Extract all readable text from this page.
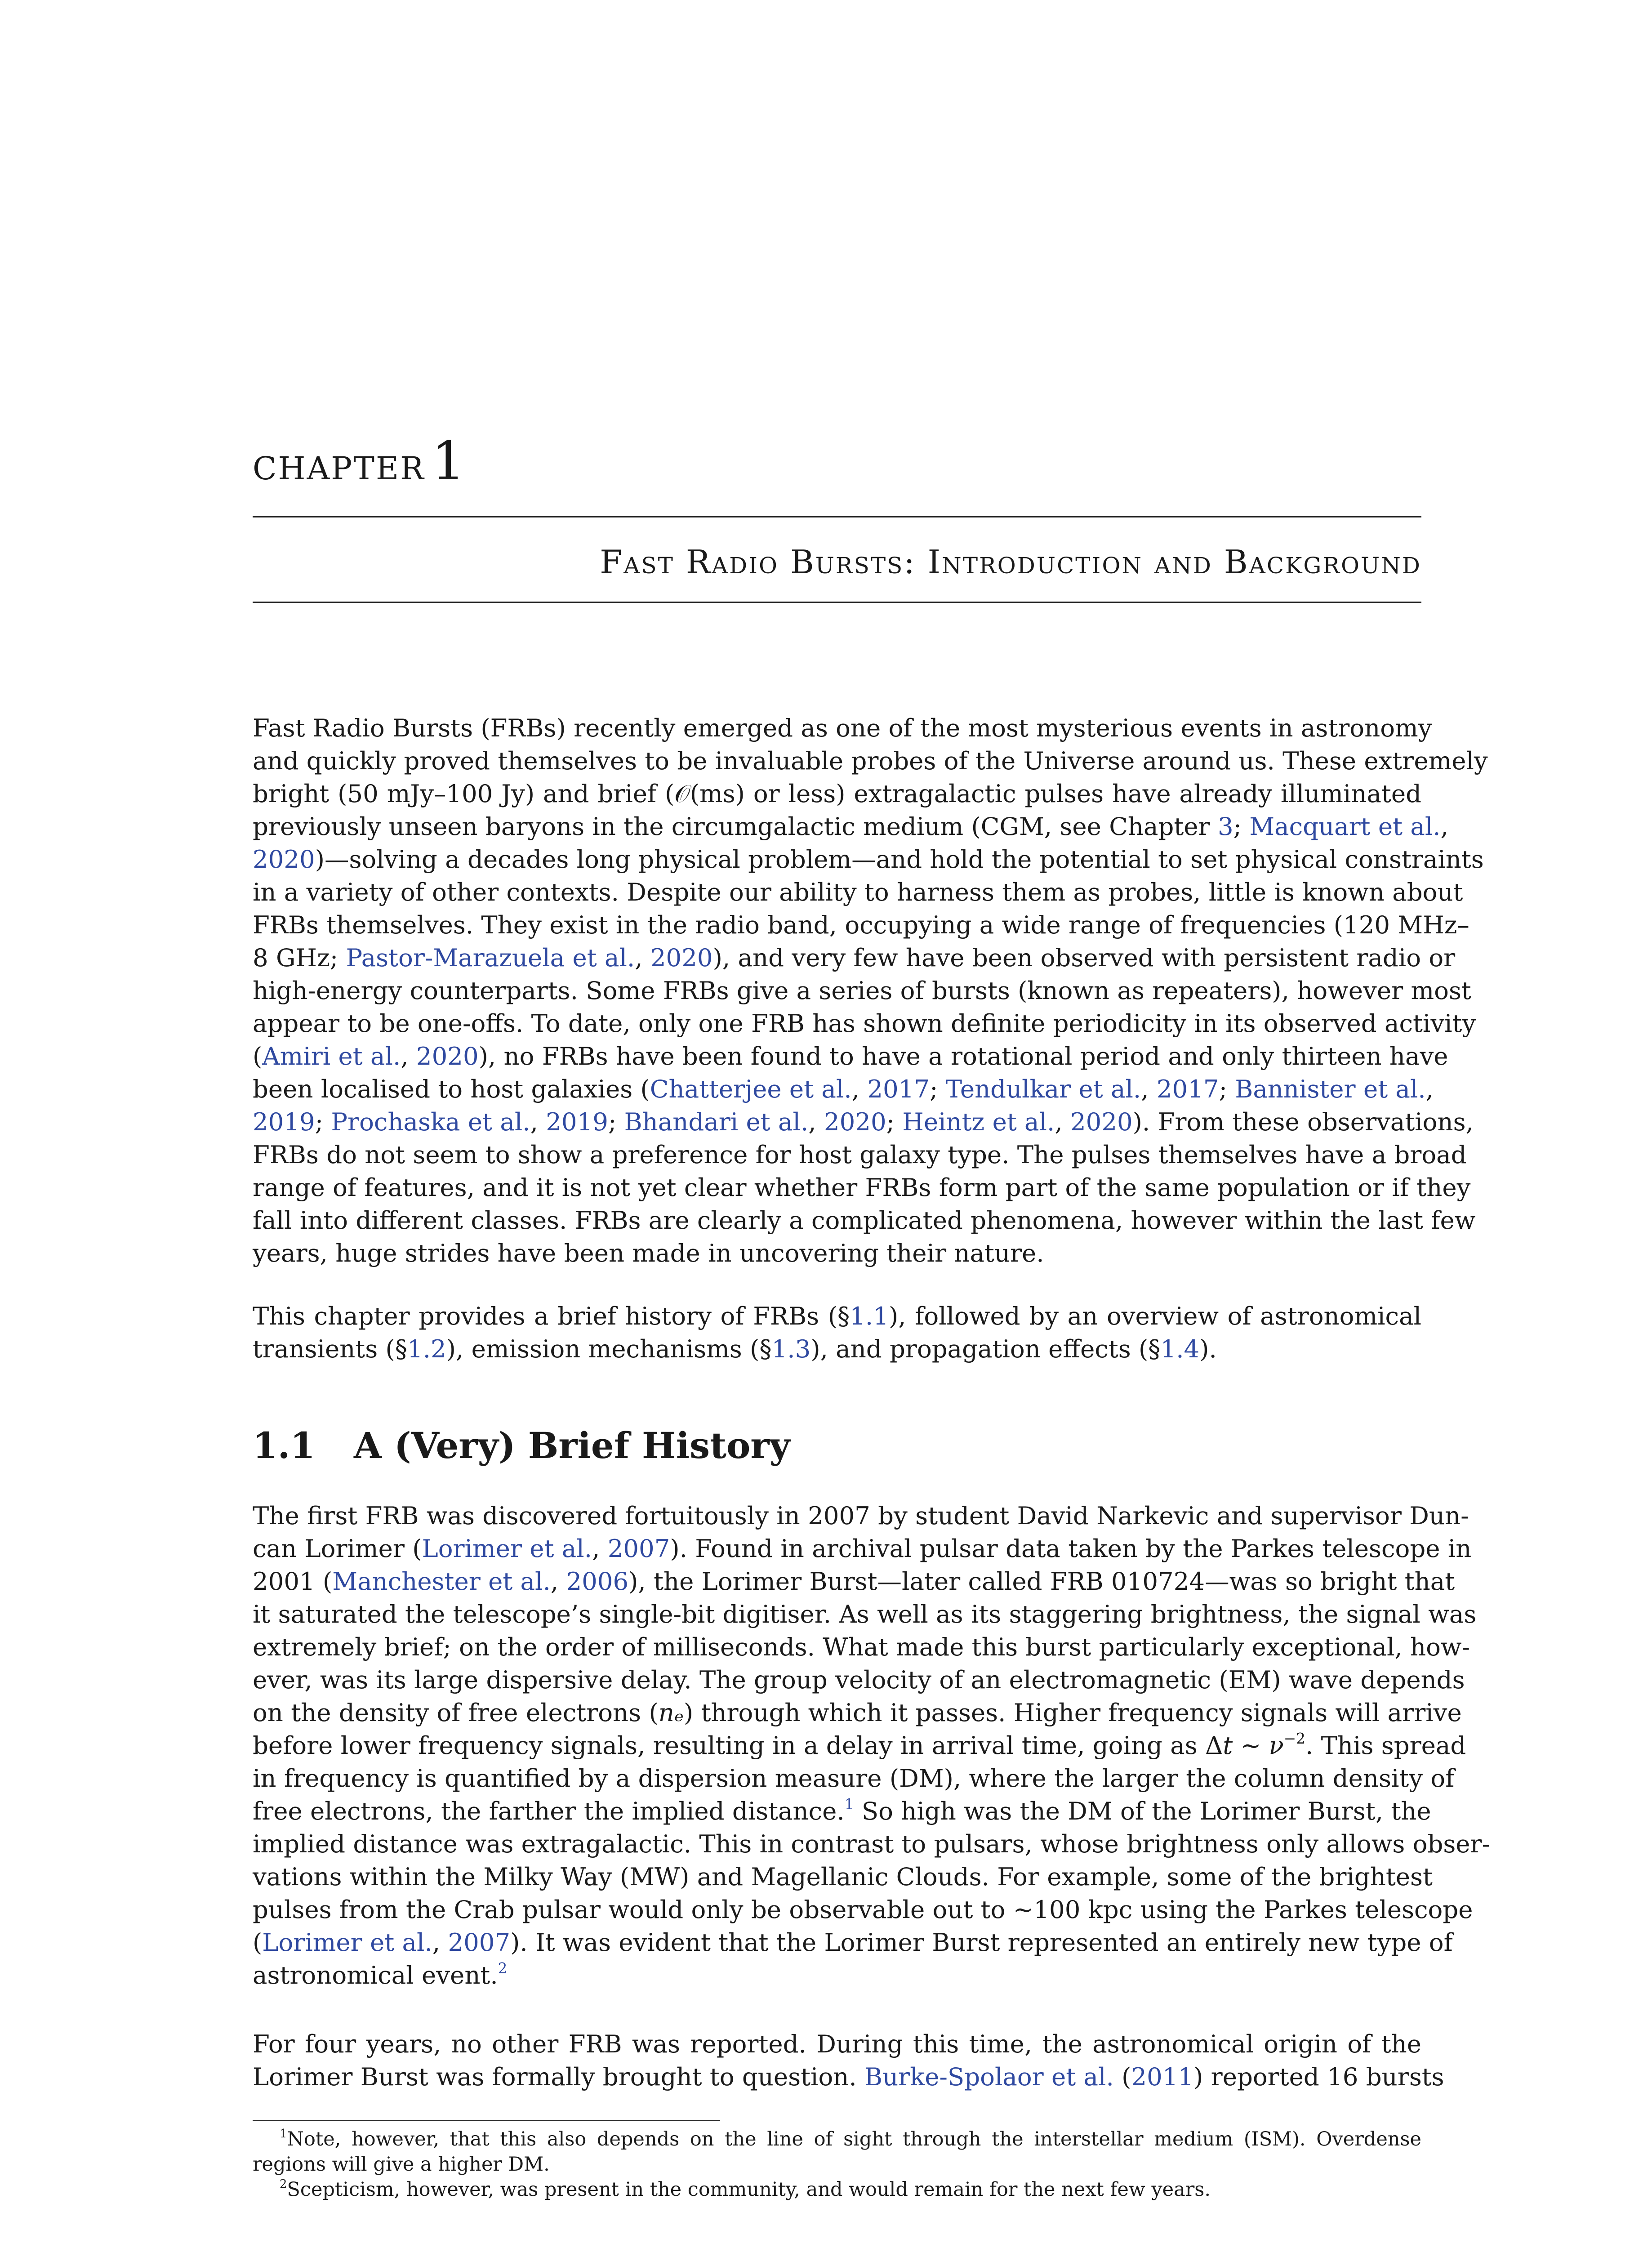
chapter 1
Fast Radio Bursts: Introduction and Background

Fast Radio Bursts (FRBs) recently emerged as one of the most mysterious events in astronomy
and quickly proved themselves to be invaluable probes of the Universe around us. These extremely
bright (50 mJy–100 Jy) and brief (𝒪(ms) or less) extragalactic pulses have already illuminated
previously unseen baryons in the circumgalactic medium (CGM, see Chapter 3; Macquart et al.,
2020)—solving a decades long physical problem—and hold the potential to set physical constraints
in a variety of other contexts. Despite our ability to harness them as probes, little is known about
FRBs themselves. They exist in the radio band, occupying a wide range of frequencies (120 MHz–
8 GHz; Pastor-Marazuela et al., 2020), and very few have been observed with persistent radio or
high-energy counterparts. Some FRBs give a series of bursts (known as repeaters), however most
appear to be one-offs. To date, only one FRB has shown definite periodicity in its observed activity
(Amiri et al., 2020), no FRBs have been found to have a rotational period and only thirteen have
been localised to host galaxies (Chatterjee et al., 2017; Tendulkar et al., 2017; Bannister et al.,
2019; Prochaska et al., 2019; Bhandari et al., 2020; Heintz et al., 2020). From these observations,
FRBs do not seem to show a preference for host galaxy type. The pulses themselves have a broad
range of features, and it is not yet clear whether FRBs form part of the same population or if they
fall into different classes. FRBs are clearly a complicated phenomena, however within the last few
years, huge strides have been made in uncovering their nature.

This chapter provides a brief history of FRBs (§1.1), followed by an overview of astronomical
transients (§1.2), emission mechanisms (§1.3), and propagation effects (§1.4).

1.1 A (Very) Brief History

The first FRB was discovered fortuitously in 2007 by student David Narkevic and supervisor Dun-
can Lorimer (Lorimer et al., 2007). Found in archival pulsar data taken by the Parkes telescope in
2001 (Manchester et al., 2006), the Lorimer Burst—later called FRB 010724—was so bright that
it saturated the telescope’s single-bit digitiser. As well as its staggering brightness, the signal was
extremely brief; on the order of milliseconds. What made this burst particularly exceptional, how-
ever, was its large dispersive delay. The group velocity of an electromagnetic (EM) wave depends
on the density of free electrons (nₑ) through which it passes. Higher frequency signals will arrive
before lower frequency signals, resulting in a delay in arrival time, going as Δt ∼ $\nu^{-2}$. This spread
in frequency is quantified by a dispersion measure (DM), where the larger the column density of
free electrons, the farther the implied distance.$^1$ So high was the DM of the Lorimer Burst, the
implied distance was extragalactic. This in contrast to pulsars, whose brightness only allows obser-
vations within the Milky Way (MW) and Magellanic Clouds. For example, some of the brightest
pulses from the Crab pulsar would only be observable out to ∼100 kpc using the Parkes telescope
(Lorimer et al., 2007). It was evident that the Lorimer Burst represented an entirely new type of
astronomical event.$^2$

For four years, no other FRB was reported. During this time, the astronomical origin of the
Lorimer Burst was formally brought to question. Burke-Spolaor et al. (2011) reported 16 bursts

$^1$Note, however, that this also depends on the line of sight through the interstellar medium (ISM). Overdense
regions will give a higher DM.
$^2$Scepticism, however, was present in the community, and would remain for the next few years.
